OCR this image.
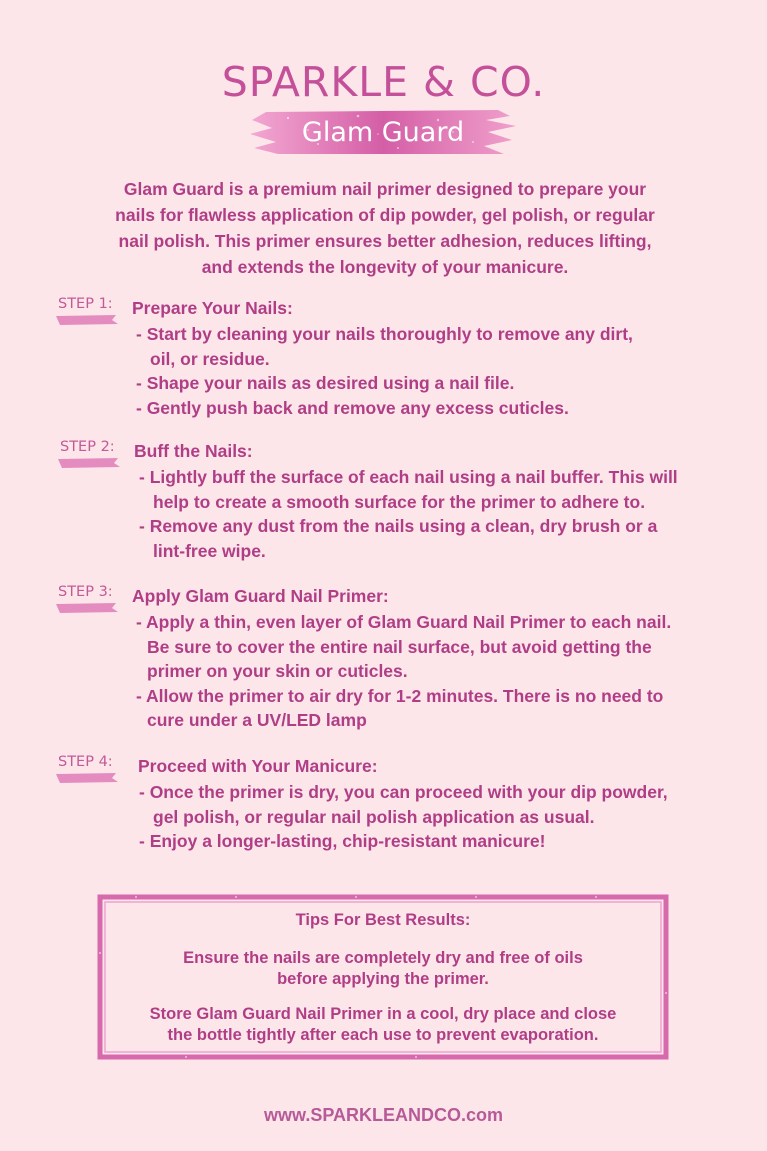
SPARKLE & CO.
Glam Guard
Glam Guard is a premium nail primer designed to prepare your
nails for flawless application of dip powder, gel polish, or regular
nail polish. This primer ensures better adhesion, reduces lifting,
and extends the longevity of your manicure.
STEP 1: Prepare Your Nails:
- Start by cleaning your nails thoroughly to remove any dirt,
oil, or residue.
- Shape your nails as desired using a nail file.
- Gently push back and remove any excess cuticles.
STEP 2: Buff the Nails:
- Lightly buff the surface of each nail using a nail buffer. This will
help to create a smooth surface for the primer to adhere to.
- Remove any dust from the nails using a clean, dry brush or a
lint-free wipe.
STEP 3: Apply Glam Guard Nail Primer:
- Apply a thin, even layer of Glam Guard Nail Primer to each nail.
Be sure to cover the entire nail surface, but avoid getting the
primer on your skin or cuticles.
- Allow the primer to air dry for 1-2 minutes. There is no need to
cure under a UV/LED lamp
STEP 4: Proceed with Your Manicure:
- Once the primer is dry, you can proceed with your dip powder,
gel polish, or regular nail polish application as usual.
- Enjoy a longer-lasting, chip-resistant manicure!
Tips For Best Results:
Ensure the nails are completely dry and free of oils
before applying the primer.
Store Glam Guard Nail Primer in a cool, dry place and close
the bottle tightly after each use to prevent evaporation.
www.SPARKLEANDCO.com
